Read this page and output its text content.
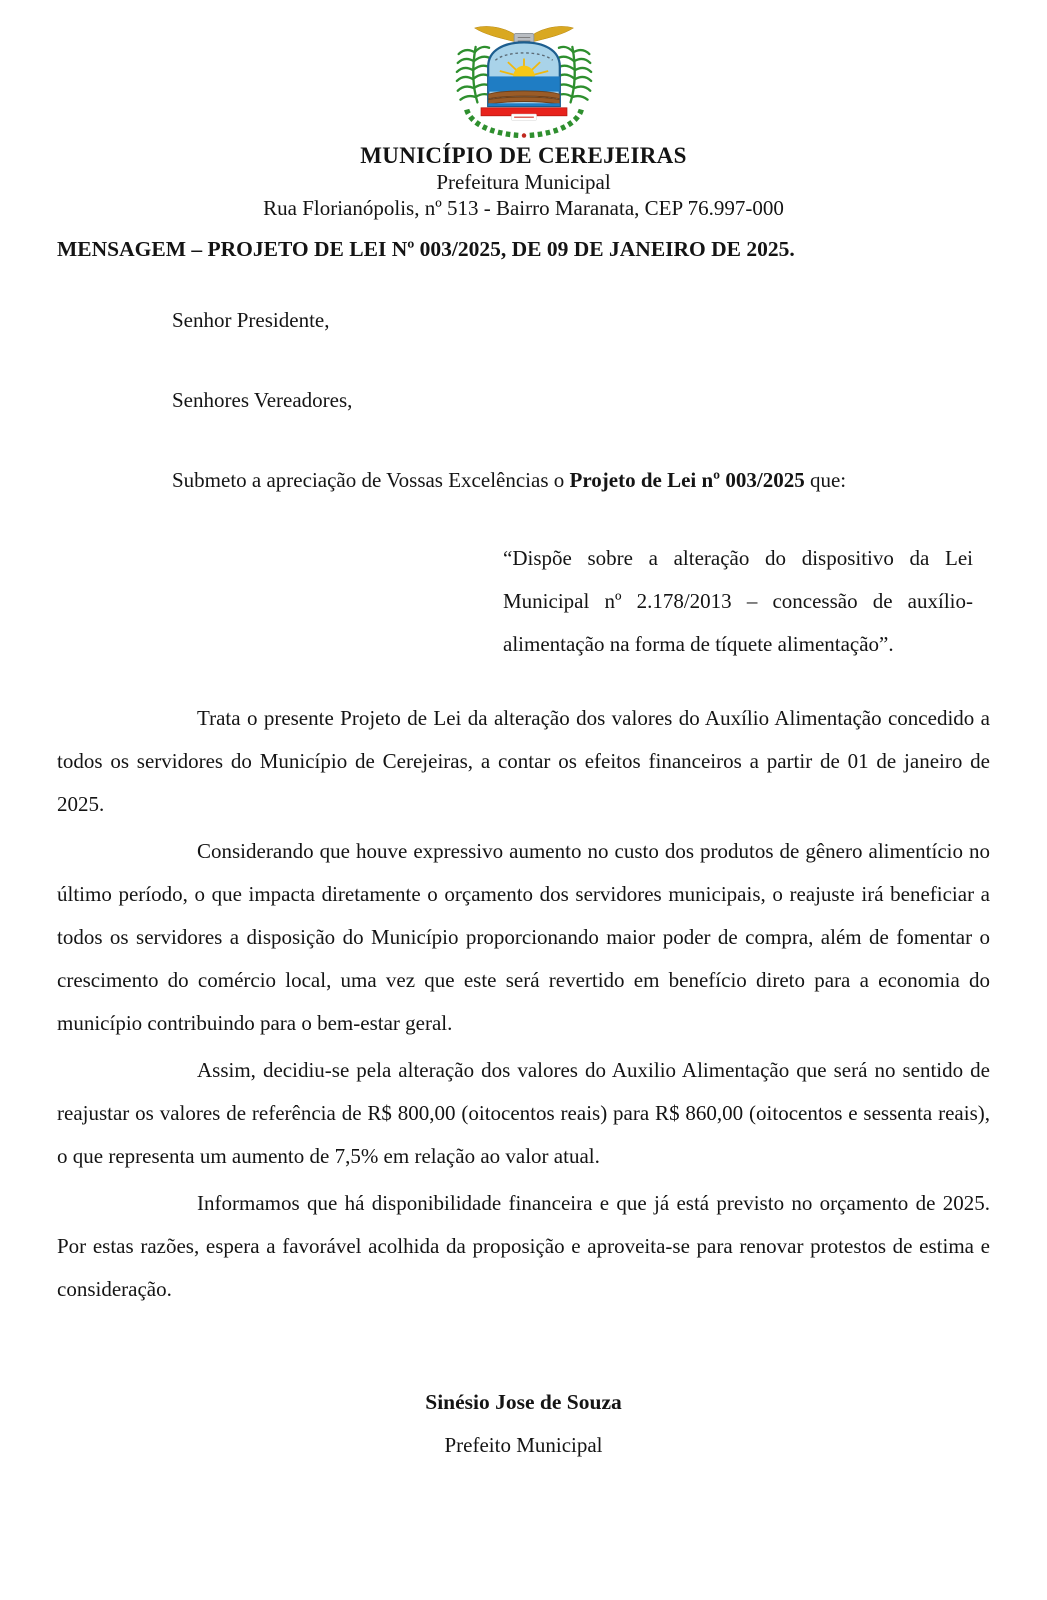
MUNICÍPIO DE CEREJEIRAS
Prefeitura Municipal
Rua Florianópolis, nº 513 - Bairro Maranata, CEP 76.997-000
MENSAGEM – PROJETO DE LEI Nº 003/2025, DE 09 DE JANEIRO DE 2025.

Senhor Presidente,

Senhores Vereadores,

Submeto a apreciação de Vossas Excelências o Projeto de Lei nº 003/2025 que:

“Dispõe sobre a alteração do dispositivo da Lei Municipal nº 2.178/2013 – concessão de auxílio-alimentação na forma de tíquete alimentação”.

Trata o presente Projeto de Lei da alteração dos valores do Auxílio Alimentação concedido a todos os servidores do Município de Cerejeiras, a contar os efeitos financeiros a partir de 01 de janeiro de 2025.

Considerando que houve expressivo aumento no custo dos produtos de gênero alimentício no último período, o que impacta diretamente o orçamento dos servidores municipais, o reajuste irá beneficiar a todos os servidores a disposição do Município proporcionando maior poder de compra, além de fomentar o crescimento do comércio local, uma vez que este será revertido em benefício direto para a economia do município contribuindo para o bem-estar geral.

Assim, decidiu-se pela alteração dos valores do Auxilio Alimentação que será no sentido de reajustar os valores de referência de R$ 800,00 (oitocentos reais) para R$ 860,00 (oitocentos e sessenta reais), o que representa um aumento de 7,5% em relação ao valor atual.

Informamos que há disponibilidade financeira e que já está previsto no orçamento de 2025. Por estas razões, espera a favorável acolhida da proposição e aproveita-se para renovar protestos de estima e consideração.

Sinésio Jose de Souza
Prefeito Municipal
